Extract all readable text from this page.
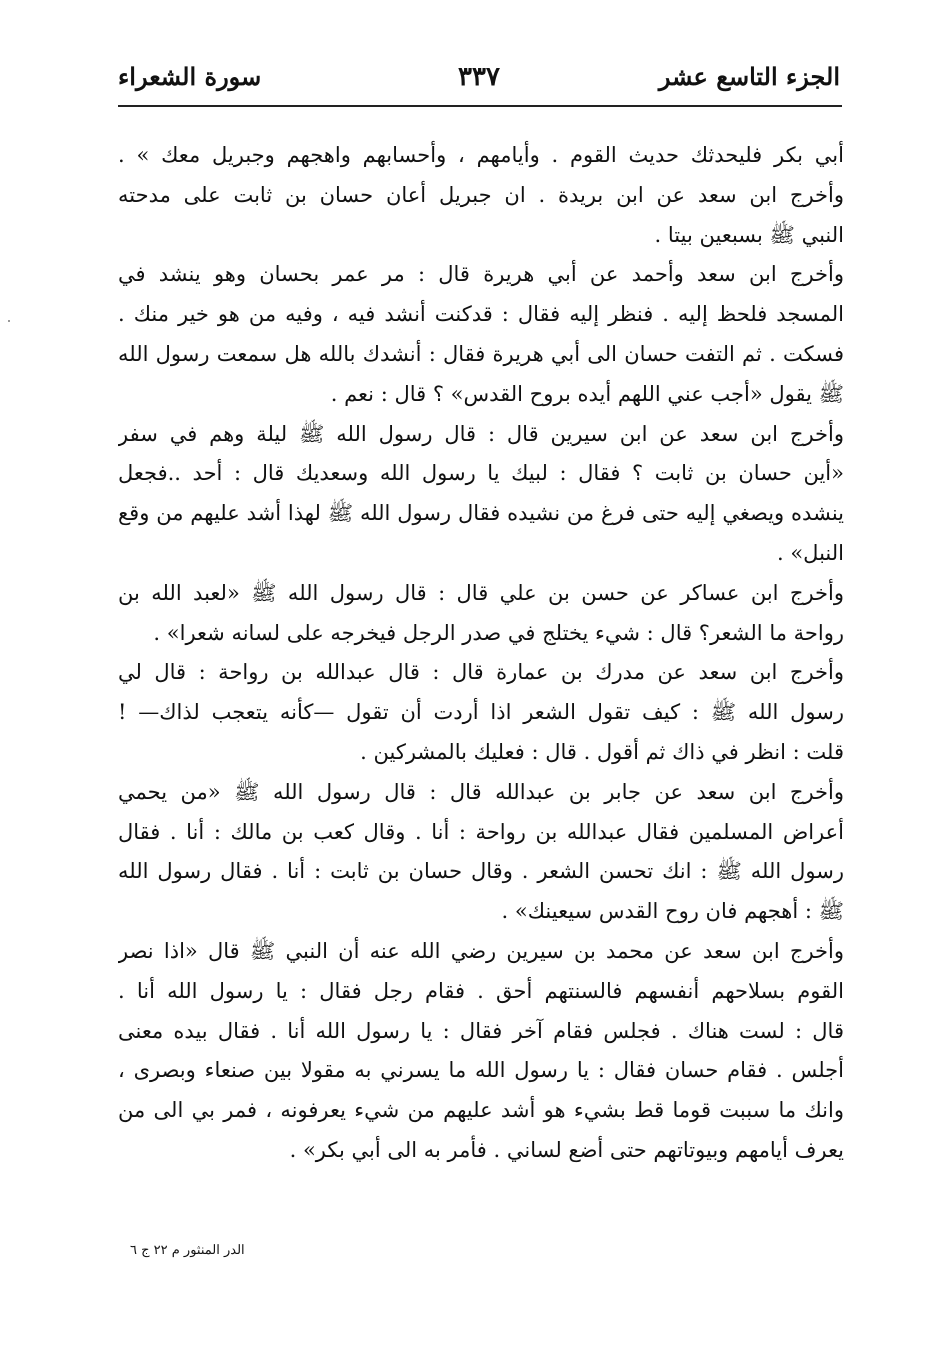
الجزء التاسع عشر
٣٣٧
سورة الشعراء
أبي بكر فليحدثك حديث القوم . وأيامهم ، وأحسابهم واهجهم وجبريل معك » .
وأخرج ابن سعد عن ابن بريدة . ان جبريل أعان حسان بن ثابت على مدحته
النبي ﷺ بسبعين بيتا .
وأخرج ابن سعد وأحمد عن أبي هريرة قال : مر عمر بحسان وهو ينشد في
المسجد فلحظ إليه . فنظر إليه فقال : قدكنت أنشد فيه ، وفيه من هو خير منك .
فسكت . ثم التفت حسان الى أبي هريرة فقال : أنشدك بالله هل سمعت رسول الله
ﷺ يقول «أجب عني اللهم أيده بروح القدس» ؟ قال : نعم .
وأخرج ابن سعد عن ابن سيرين قال : قال رسول الله ﷺ ليلة وهم في سفر
«أين حسان بن ثابت ؟ فقال : لبيك يا رسول الله وسعديك قال : أحد ..فجعل
ينشده ويصغي إليه حتى فرغ من نشيده فقال رسول الله ﷺ لهذا أشد عليهم من وقع
النبل» .
وأخرج ابن عساكر عن حسن بن علي قال : قال رسول الله ﷺ «لعبد الله بن
رواحة ما الشعر؟ قال : شيء يختلج في صدر الرجل فيخرجه على لسانه شعرا» .
وأخرج ابن سعد عن مدرك بن عمارة قال : قال عبدالله بن رواحة : قال لي
رسول الله ﷺ : كيف تقول الشعر اذا أردت أن تقول —كأنه يتعجب لذاك— !
قلت : انظر في ذاك ثم أقول . قال : فعليك بالمشركين .
وأخرج ابن سعد عن جابر بن عبدالله قال : قال رسول الله ﷺ «من يحمي
أعراض المسلمين فقال عبدالله بن رواحة : أنا . وقال كعب بن مالك : أنا . فقال
رسول الله ﷺ : انك تحسن الشعر . وقال حسان بن ثابت : أنا . فقال رسول الله
ﷺ : أهجهم فان روح القدس سيعينك» .
وأخرج ابن سعد عن محمد بن سيرين رضي الله عنه أن النبي ﷺ قال «اذا نصر
القوم بسلاحهم أنفسهم فالسنتهم أحق . فقام رجل فقال : يا رسول الله أنا .
قال : لست هناك . فجلس فقام آخر فقال : يا رسول الله أنا . فقال بيده معنى
أجلس . فقام حسان فقال : يا رسول الله ما يسرني به مقولا بين صنعاء وبصرى ،
وانك ما سببت قوما قط بشيء هو أشد عليهم من شيء يعرفونه ، فمر بي الى من
يعرف أيامهم وبيوتاتهم حتى أضع لساني . فأمر به الى أبي بكر» .
الدر المنثور م ٢٢ ج ٦
